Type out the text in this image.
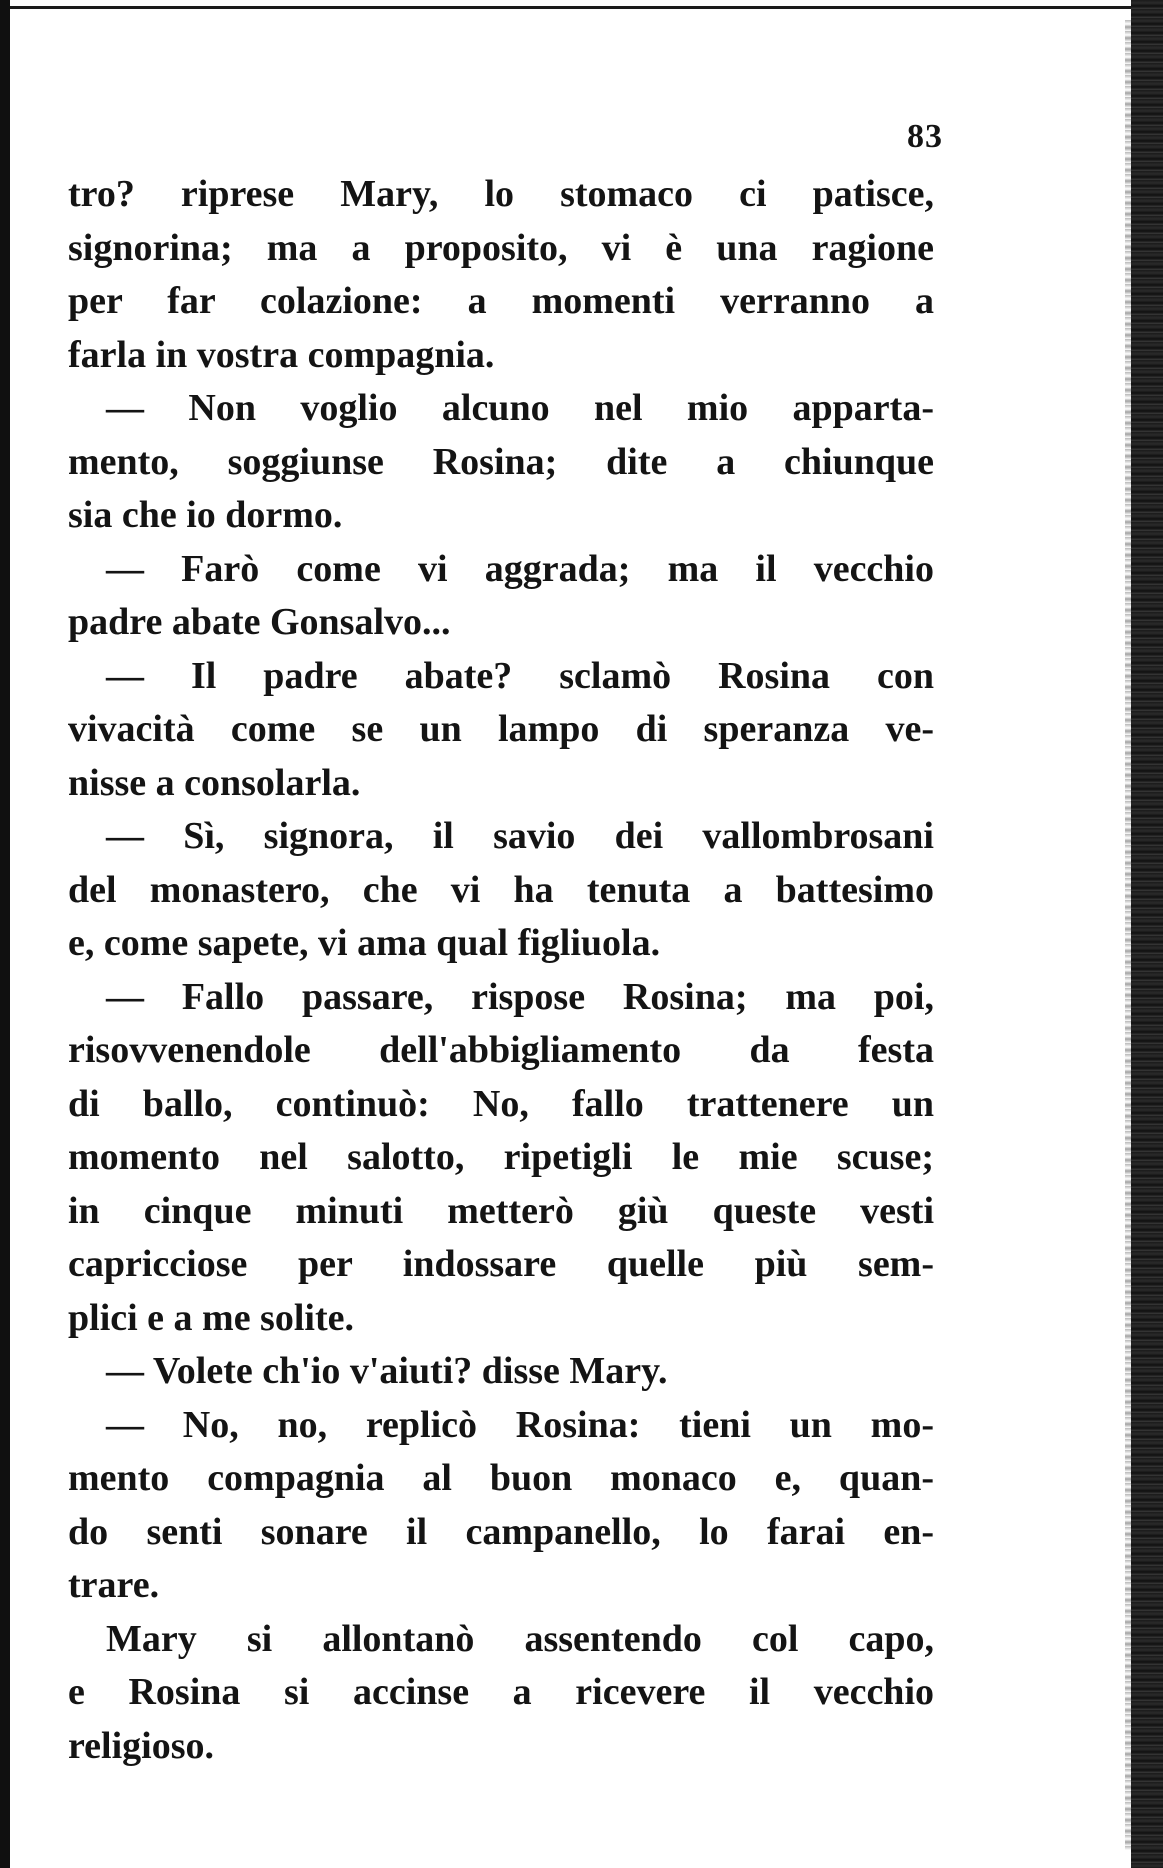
83
tro? riprese Mary, lo stomaco ci patisce,
signorina; ma a proposito, vi è una ragione
per far colazione: a momenti verranno a
farla in vostra compagnia.
— Non voglio alcuno nel mio apparta-
mento, soggiunse Rosina; dite a chiunque
sia che io dormo.
— Farò come vi aggrada; ma il vecchio
padre abate Gonsalvo...
— Il padre abate? sclamò Rosina con
vivacità come se un lampo di speranza ve-
nisse a consolarla.
— Sì, signora, il savio dei vallombrosani
del monastero, che vi ha tenuta a battesimo
e, come sapete, vi ama qual figliuola.
— Fallo passare, rispose Rosina; ma poi,
risovvenendole dell'abbigliamento da festa
di ballo, continuò: No, fallo trattenere un
momento nel salotto, ripetigli le mie scuse;
in cinque minuti metterò giù queste vesti
capricciose per indossare quelle più sem-
plici e a me solite.
— Volete ch'io v'aiuti? disse Mary.
— No, no, replicò Rosina: tieni un mo-
mento compagnia al buon monaco e, quan-
do senti sonare il campanello, lo farai en-
trare.
Mary si allontanò assentendo col capo,
e Rosina si accinse a ricevere il vecchio
religioso.
